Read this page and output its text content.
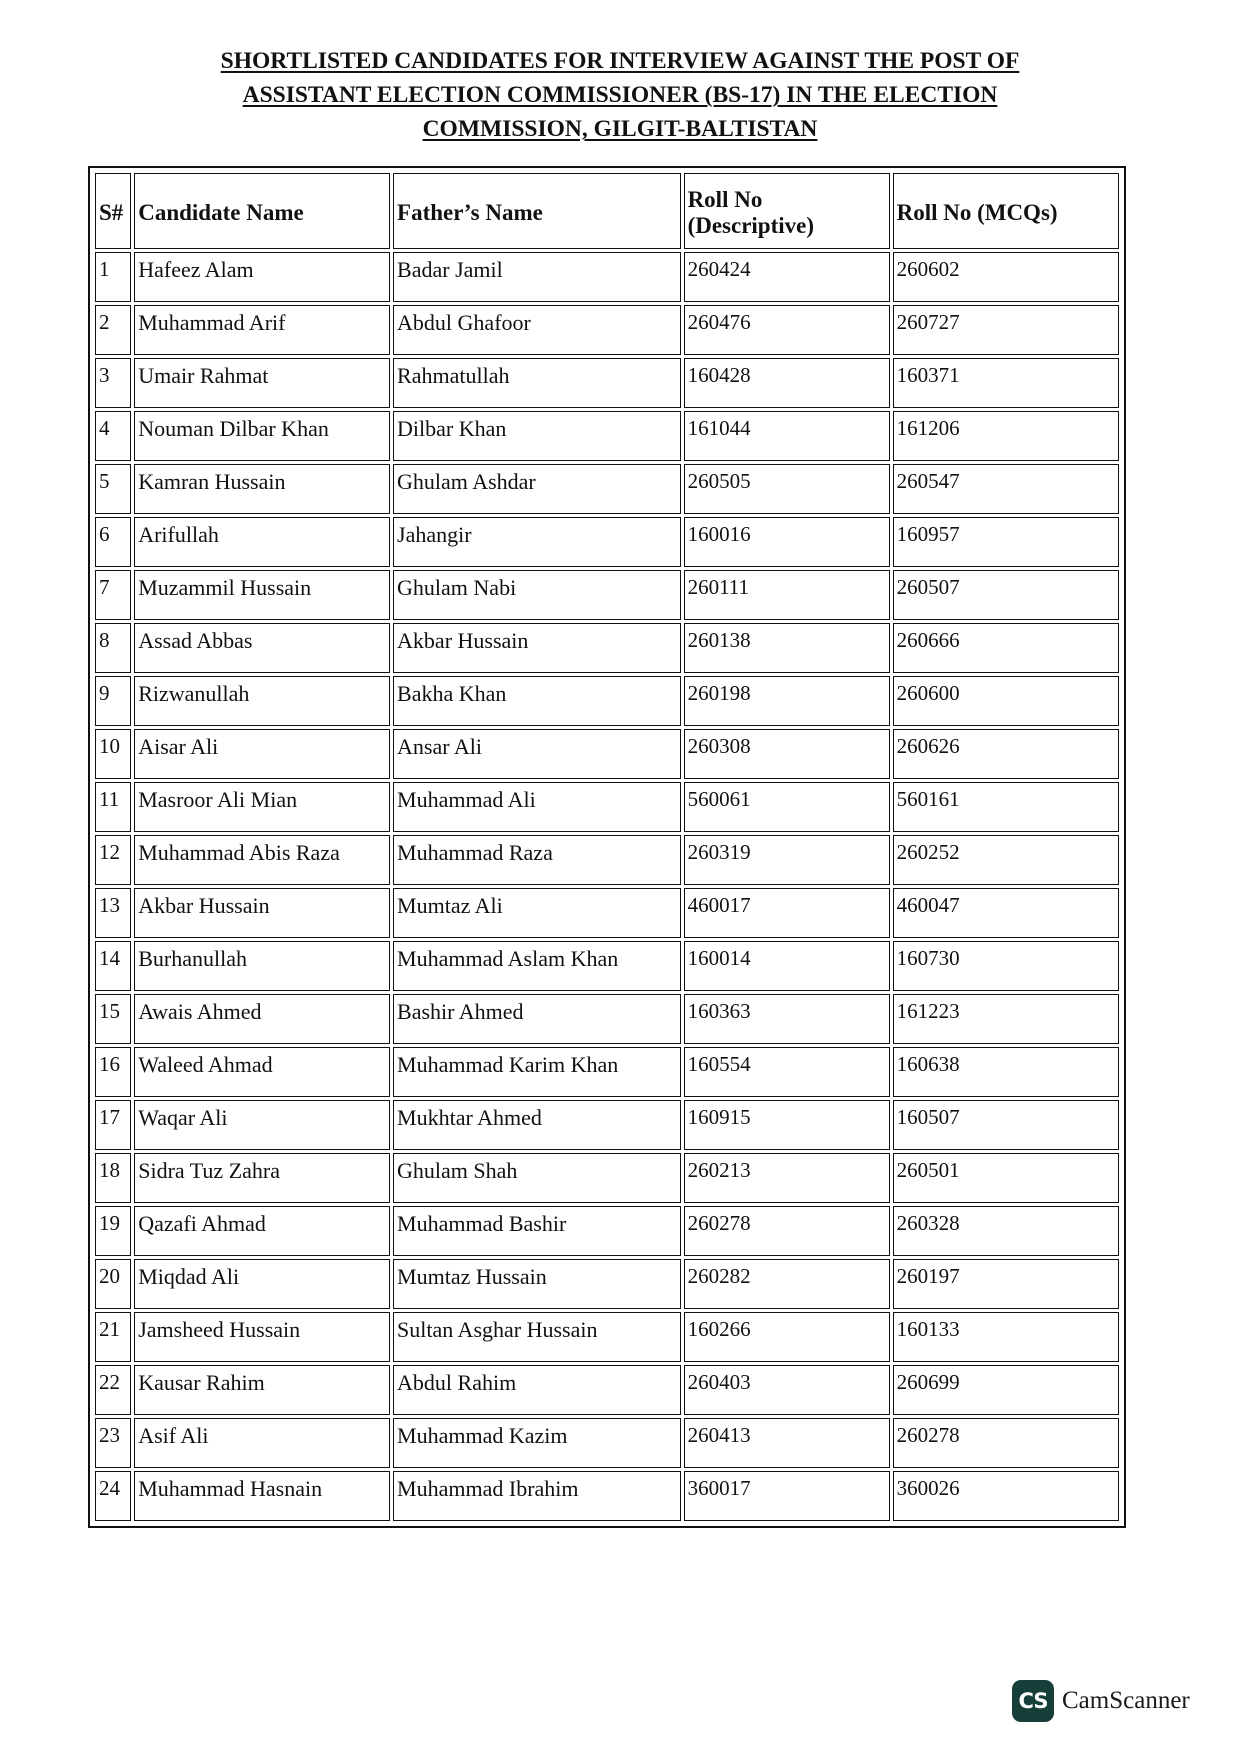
SHORTLISTED CANDIDATES FOR INTERVIEW AGAINST THE POST OF
ASSISTANT ELECTION COMMISSIONER (BS-17) IN THE ELECTION
COMMISSION, GILGIT-BALTISTAN
S#	Candidate Name	Father’s Name	Roll No (Descriptive)	Roll No (MCQs)
1	Hafeez Alam	Badar Jamil	260424	260602
2	Muhammad Arif	Abdul Ghafoor	260476	260727
3	Umair Rahmat	Rahmatullah	160428	160371
4	Nouman Dilbar Khan	Dilbar Khan	161044	161206
5	Kamran Hussain	Ghulam Ashdar	260505	260547
6	Arifullah	Jahangir	160016	160957
7	Muzammil Hussain	Ghulam Nabi	260111	260507
8	Assad Abbas	Akbar Hussain	260138	260666
9	Rizwanullah	Bakha Khan	260198	260600
10	Aisar Ali	Ansar Ali	260308	260626
11	Masroor Ali Mian	Muhammad Ali	560061	560161
12	Muhammad Abis Raza	Muhammad Raza	260319	260252
13	Akbar Hussain	Mumtaz Ali	460017	460047
14	Burhanullah	Muhammad Aslam Khan	160014	160730
15	Awais Ahmed	Bashir Ahmed	160363	161223
16	Waleed Ahmad	Muhammad Karim Khan	160554	160638
17	Waqar Ali	Mukhtar Ahmed	160915	160507
18	Sidra Tuz Zahra	Ghulam Shah	260213	260501
19	Qazafi Ahmad	Muhammad Bashir	260278	260328
20	Miqdad Ali	Mumtaz Hussain	260282	260197
21	Jamsheed Hussain	Sultan Asghar Hussain	160266	160133
22	Kausar Rahim	Abdul Rahim	260403	260699
23	Asif Ali	Muhammad Kazim	260413	260278
24	Muhammad Hasnain	Muhammad Ibrahim	360017	360026
CS CamScanner
